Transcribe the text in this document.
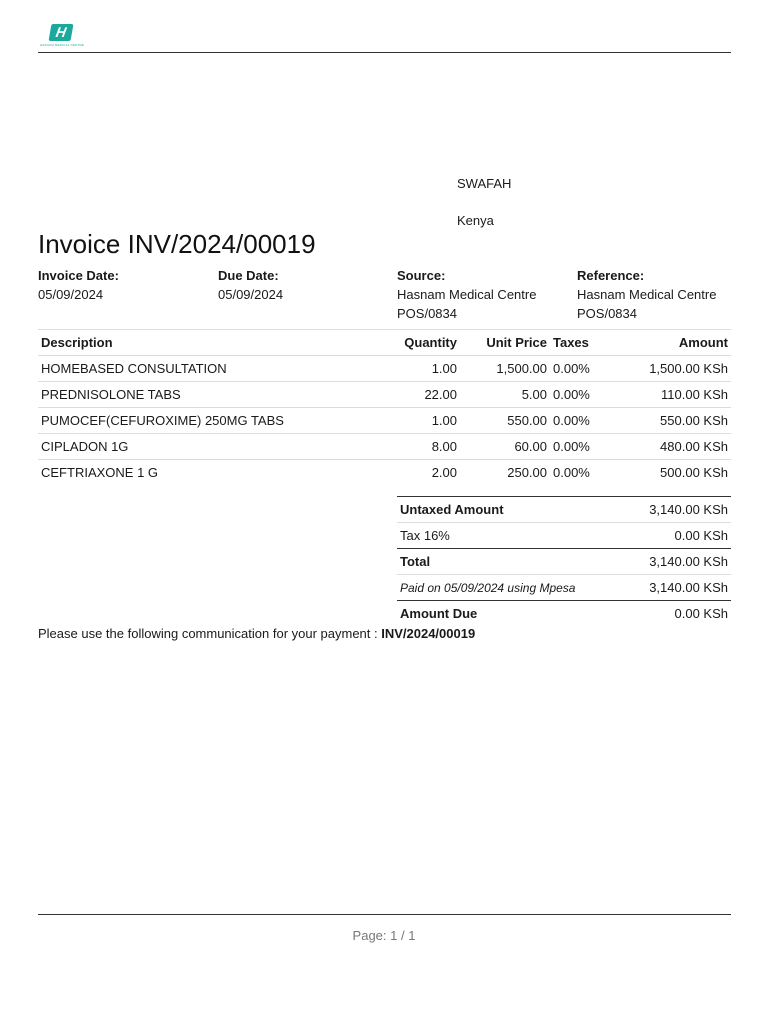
H
HASNAM MEDICAL CENTRE
SWAFAH
Kenya
Invoice INV/2024/00019
Invoice Date:
05/09/2024
Due Date:
05/09/2024
Source:
Hasnam Medical Centre
POS/0834
Reference:
Hasnam Medical Centre
POS/0834
Description	Quantity	Unit Price	Taxes	Amount
HOMEBASED CONSULTATION	1.00	1,500.00	0.00%	1,500.00 KSh
PREDNISOLONE TABS	22.00	5.00	0.00%	110.00 KSh
PUMOCEF(CEFUROXIME) 250MG TABS	1.00	550.00	0.00%	550.00 KSh
CIPLADON 1G	8.00	60.00	0.00%	480.00 KSh
CEFTRIAXONE 1 G	2.00	250.00	0.00%	500.00 KSh
Untaxed Amount	3,140.00 KSh
Tax 16%	0.00 KSh
Total	3,140.00 KSh
Paid on 05/09/2024 using Mpesa	3,140.00 KSh
Amount Due	0.00 KSh
Please use the following communication for your payment : INV/2024/00019
Page: 1 / 1
